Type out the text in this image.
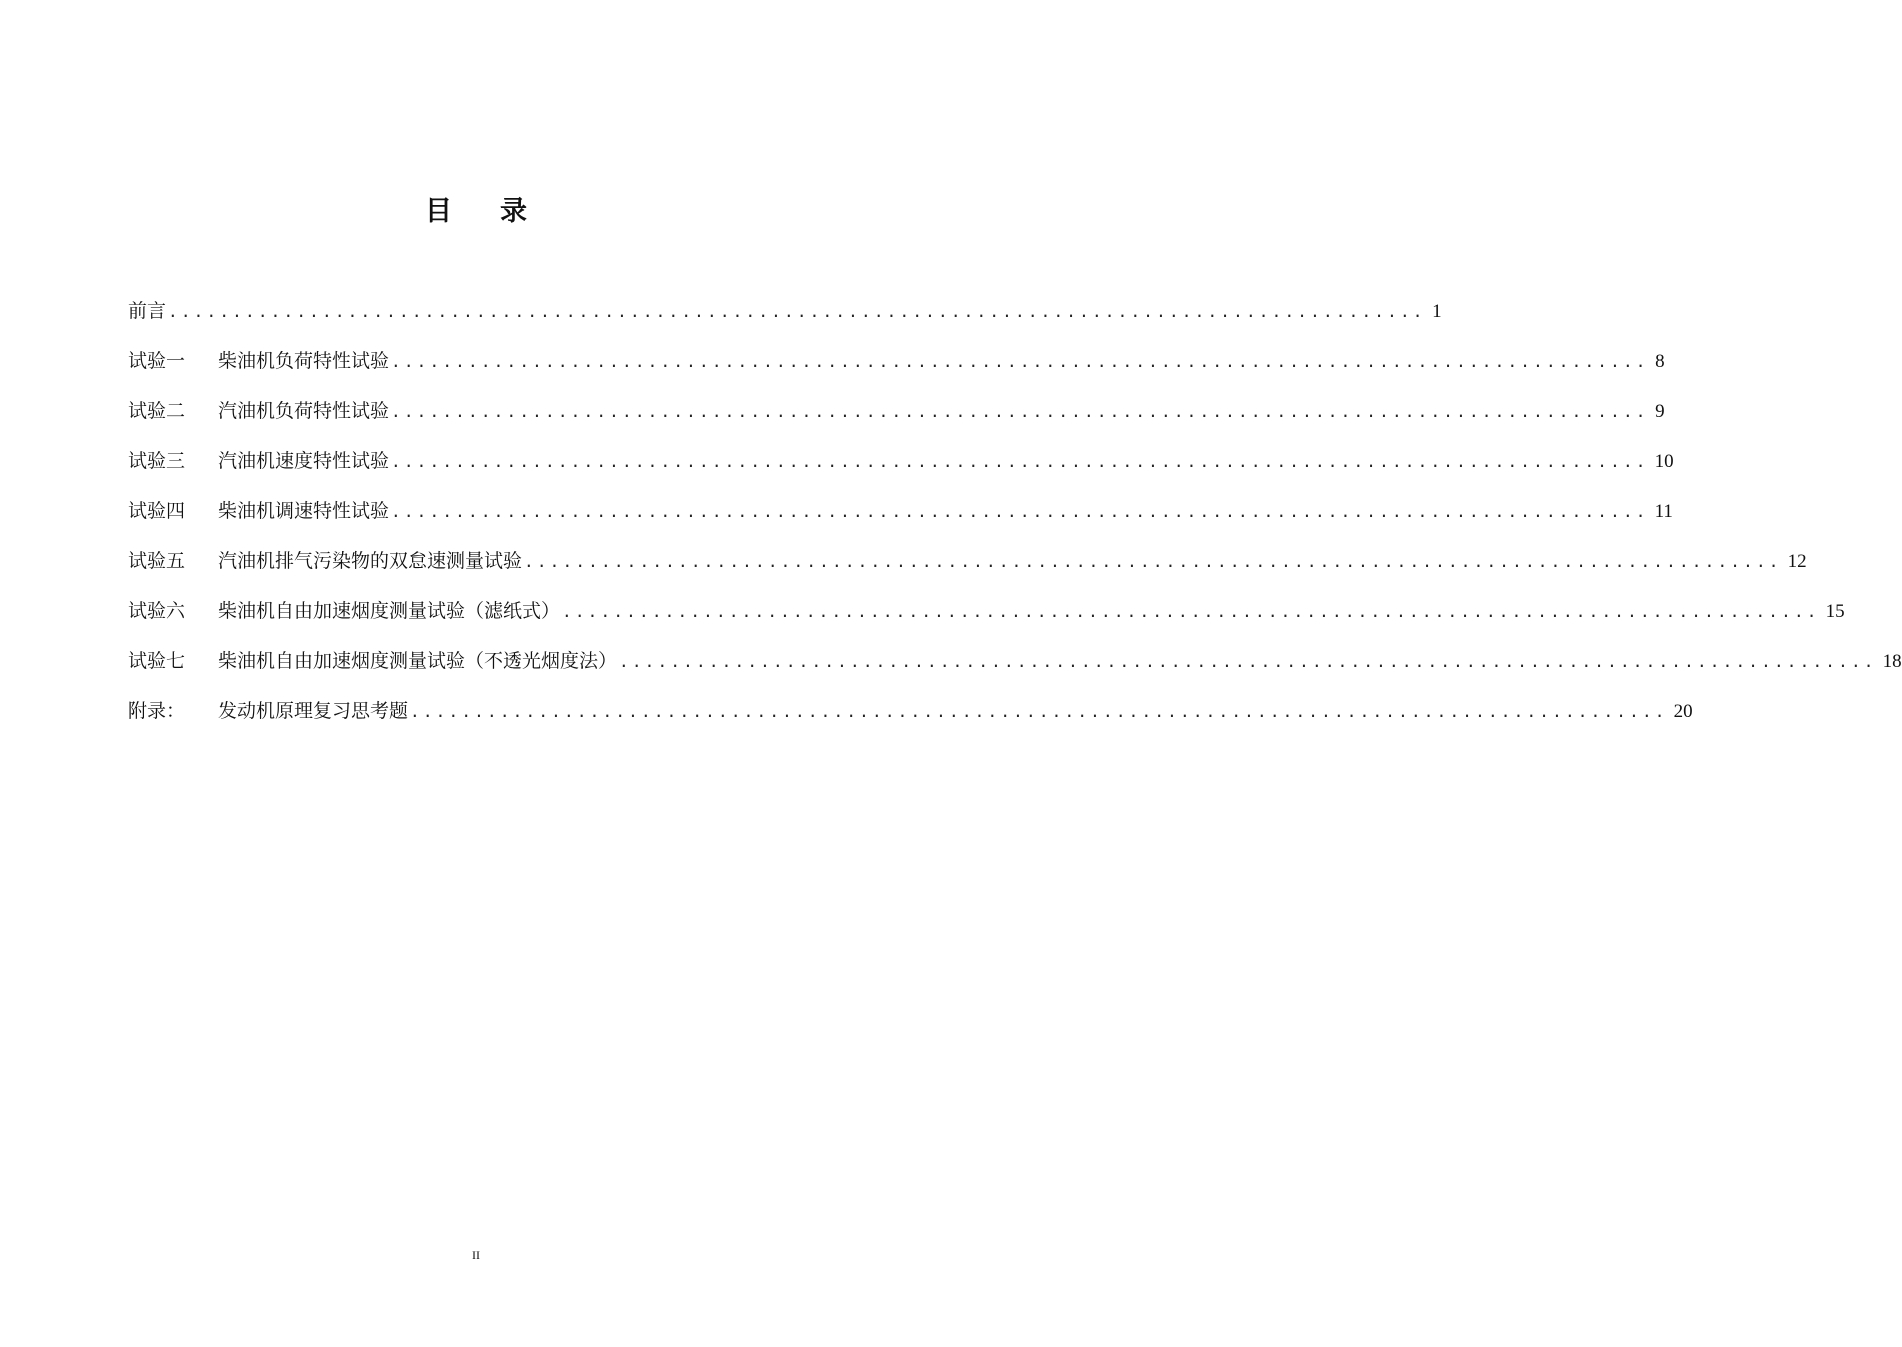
目录
前言 .................................................................................................. 1
试验一	柴油机负荷特性试验 .................................................................................................. 8
试验二	汽油机负荷特性试验 .................................................................................................. 9
试验三	汽油机速度特性试验 .................................................................................................. 10
试验四	柴油机调速特性试验 .................................................................................................. 11
试验五	汽油机排气污染物的双怠速测量试验 .................................................................................................. 12
试验六	柴油机自由加速烟度测量试验（滤纸式） .................................................................................................. 15
试验七	柴油机自由加速烟度测量试验（不透光烟度法） .................................................................................................. 18
附录：	发动机原理复习思考题 .................................................................................................. 20
II
